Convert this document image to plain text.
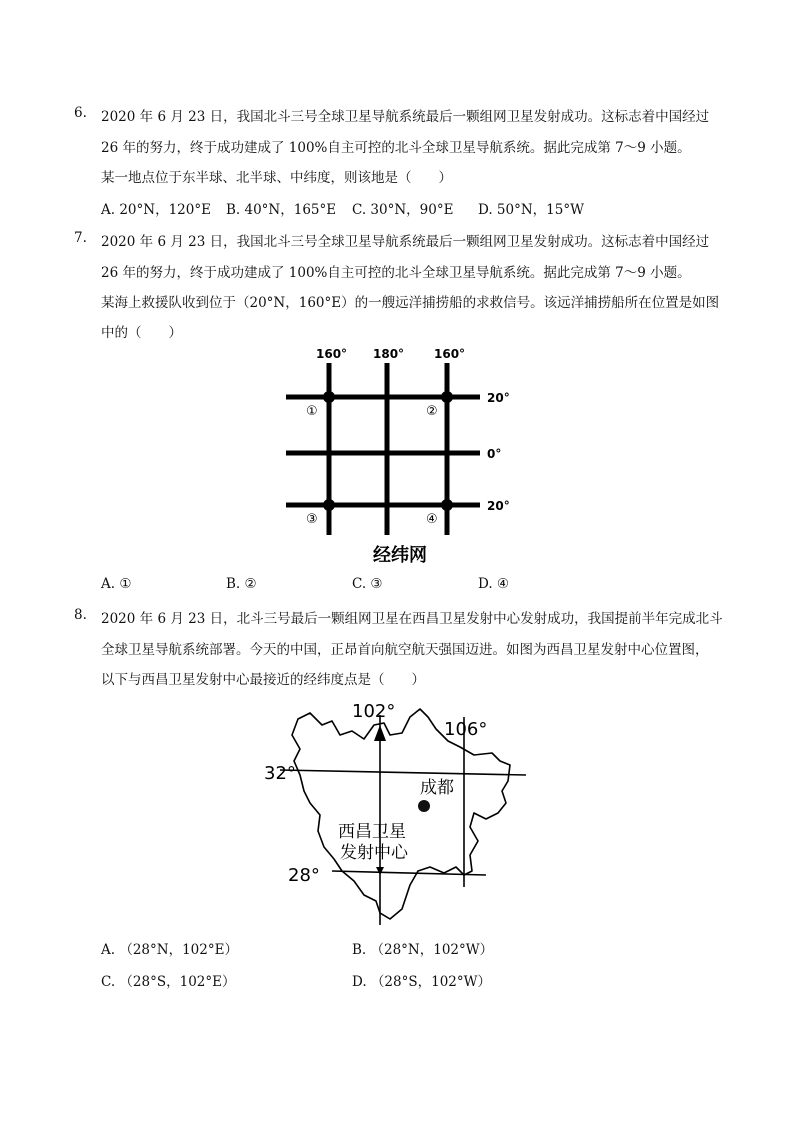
6. 2020 年 6 月 23 日，我国北斗三号全球卫星导航系统最后一颗组网卫星发射成功。这标志着中国经过
26 年的努力，终于成功建成了 100%自主可控的北斗全球卫星导航系统。据此完成第 7～9 小题。
某一地点位于东半球、北半球、中纬度，则该地是（　　）
A. 20°N，120°E B. 40°N，165°E C. 30°N，90°E D. 50°N，15°W
7. 2020 年 6 月 23 日，我国北斗三号全球卫星导航系统最后一颗组网卫星发射成功。这标志着中国经过
26 年的努力，终于成功建成了 100%自主可控的北斗全球卫星导航系统。据此完成第 7～9 小题。
某海上救援队收到位于（20°N，160°E）的一艘远洋捕捞船的求救信号。该远洋捕捞船所在位置是如图
中的（　　）
160° 180° 160°
20°
0°
20°
①	②
③	④
经纬网
A. ①	B. ②	C. ③	D. ④
8. 2020 年 6 月 23 日，北斗三号最后一颗组网卫星在西昌卫星发射中心发射成功，我国提前半年完成北斗
全球卫星导航系统部署。今天的中国，正昂首向航空航天强国迈进。如图为西昌卫星发射中心位置图，
以下与西昌卫星发射中心最接近的经纬度点是（　　）
102°
106°
32°
28°
成都
西昌卫星
发射中心
A. （28°N，102°E）	B. （28°N，102°W）
C. （28°S，102°E）	D. （28°S，102°W）
